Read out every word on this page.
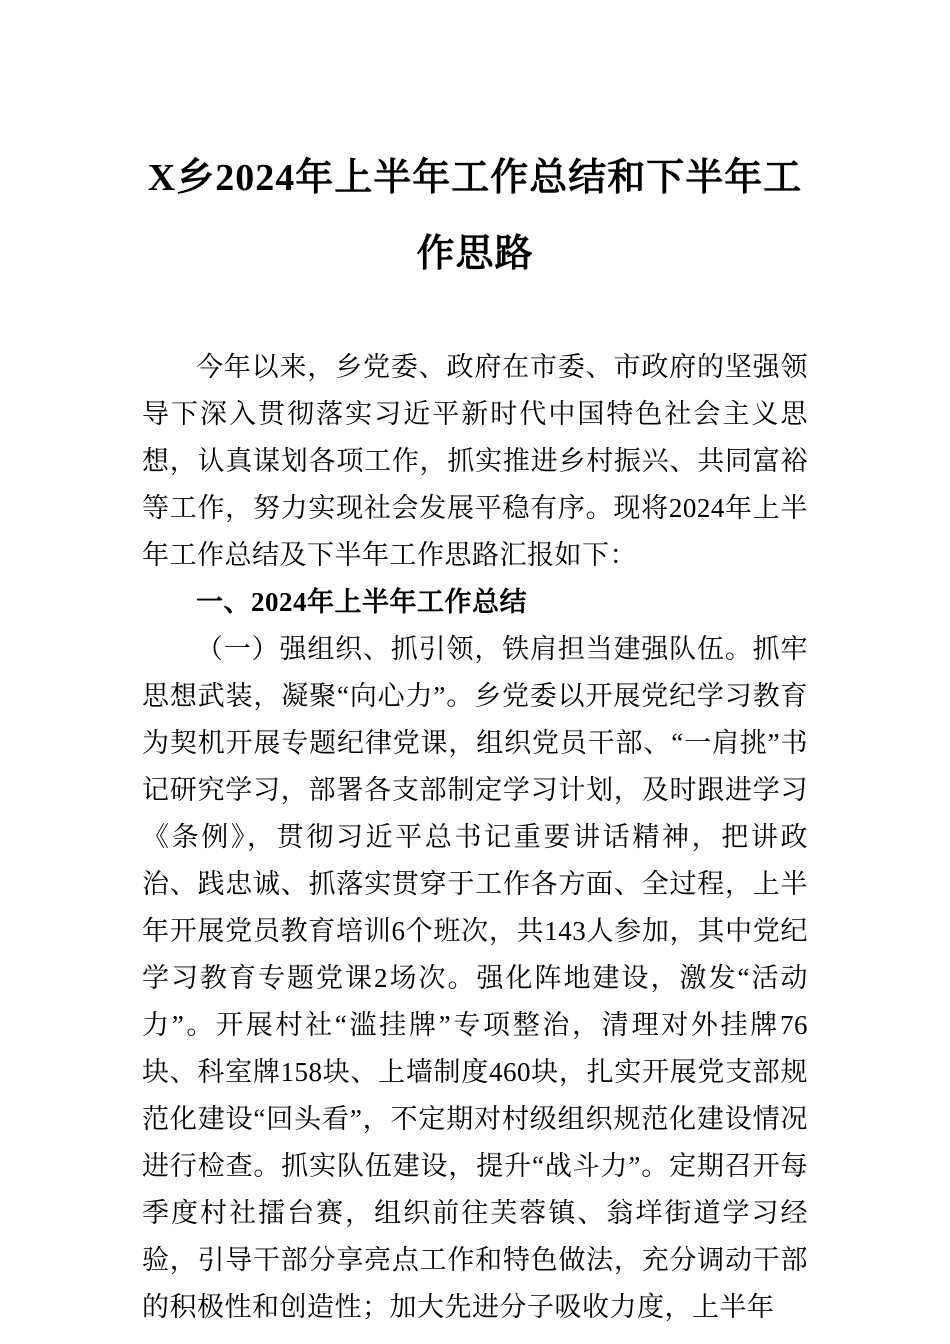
X乡2024年上半年工作总结和下半年工作思路

今年以来，乡党委、政府在市委、市政府的坚强领导下深入贯彻落实习近平新时代中国特色社会主义思想，认真谋划各项工作，抓实推进乡村振兴、共同富裕等工作，努力实现社会发展平稳有序。现将2024年上半年工作总结及下半年工作思路汇报如下：

一、2024年上半年工作总结

（一）强组织、抓引领，铁肩担当建强队伍。抓牢思想武装，凝聚“向心力”。乡党委以开展党纪学习教育为契机开展专题纪律党课，组织党员干部、“一肩挑”书记研究学习，部署各支部制定学习计划，及时跟进学习《条例》，贯彻习近平总书记重要讲话精神，把讲政治、践忠诚、抓落实贯穿于工作各方面、全过程，上半年开展党员教育培训6个班次，共143人参加，其中党纪学习教育专题党课2场次。强化阵地建设，激发“活动力”。开展村社“滥挂牌”专项整治，清理对外挂牌76块、科室牌158块、上墙制度460块，扎实开展党支部规范化建设“回头看”，不定期对村级组织规范化建设情况进行检查。抓实队伍建设，提升“战斗力”。定期召开每季度村社擂台赛，组织前往芙蓉镇、翁垟街道学习经验，引导干部分享亮点工作和特色做法，充分调动干部的积极性和创造性；加大先进分子吸收力度，上半年
